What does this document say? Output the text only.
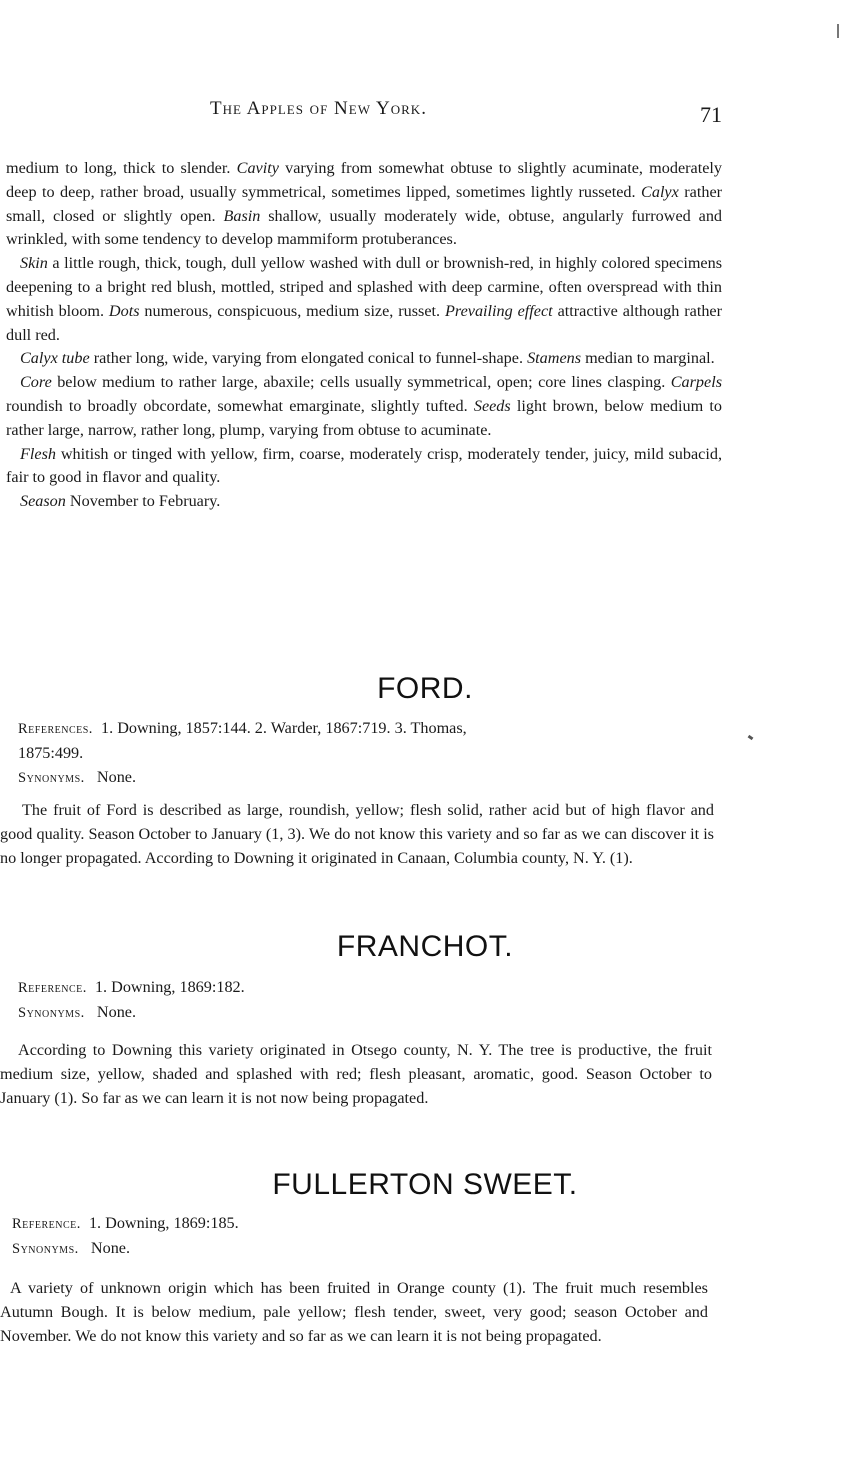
The Apples of New York.	71

medium to long, thick to slender. Cavity varying from somewhat obtuse to slightly acuminate, moderately deep to deep, rather broad, usually symmetrical, sometimes lipped, sometimes lightly russeted. Calyx rather small, closed or slightly open. Basin shallow, usually moderately wide, obtuse, angularly furrowed and wrinkled, with some tendency to develop mammiform protuberances.

Skin a little rough, thick, tough, dull yellow washed with dull or brownish-red, in highly colored specimens deepening to a bright red blush, mottled, striped and splashed with deep carmine, often overspread with thin whitish bloom. Dots numerous, conspicuous, medium size, russet. Prevailing effect attractive although rather dull red.

Calyx tube rather long, wide, varying from elongated conical to funnel-shape. Stamens median to marginal.

Core below medium to rather large, abaxile; cells usually symmetrical, open; core lines clasping. Carpels roundish to broadly obcordate, somewhat emarginate, slightly tufted. Seeds light brown, below medium to rather large, narrow, rather long, plump, varying from obtuse to acuminate.

Flesh whitish or tinged with yellow, firm, coarse, moderately crisp, moderately tender, juicy, mild subacid, fair to good in flavor and quality.

Season November to February.

FORD.
References. 1. Downing, 1857:144. 2. Warder, 1867:719. 3. Thomas,
1875:499.
Synonyms. None.

The fruit of Ford is described as large, roundish, yellow; flesh solid, rather acid but of high flavor and good quality. Season October to January (1, 3). We do not know this variety and so far as we can discover it is no longer propagated. According to Downing it originated in Canaan, Columbia county, N. Y. (1).

FRANCHOT.
Reference. 1. Downing, 1869:182.
Synonyms. None.

According to Downing this variety originated in Otsego county, N. Y. The tree is productive, the fruit medium size, yellow, shaded and splashed with red; flesh pleasant, aromatic, good. Season October to January (1). So far as we can learn it is not now being propagated.

FULLERTON SWEET.
Reference. 1. Downing, 1869:185.
Synonyms. None.

A variety of unknown origin which has been fruited in Orange county (1). The fruit much resembles Autumn Bough. It is below medium, pale yellow; flesh tender, sweet, very good; season October and November. We do not know this variety and so far as we can learn it is not being propagated.
